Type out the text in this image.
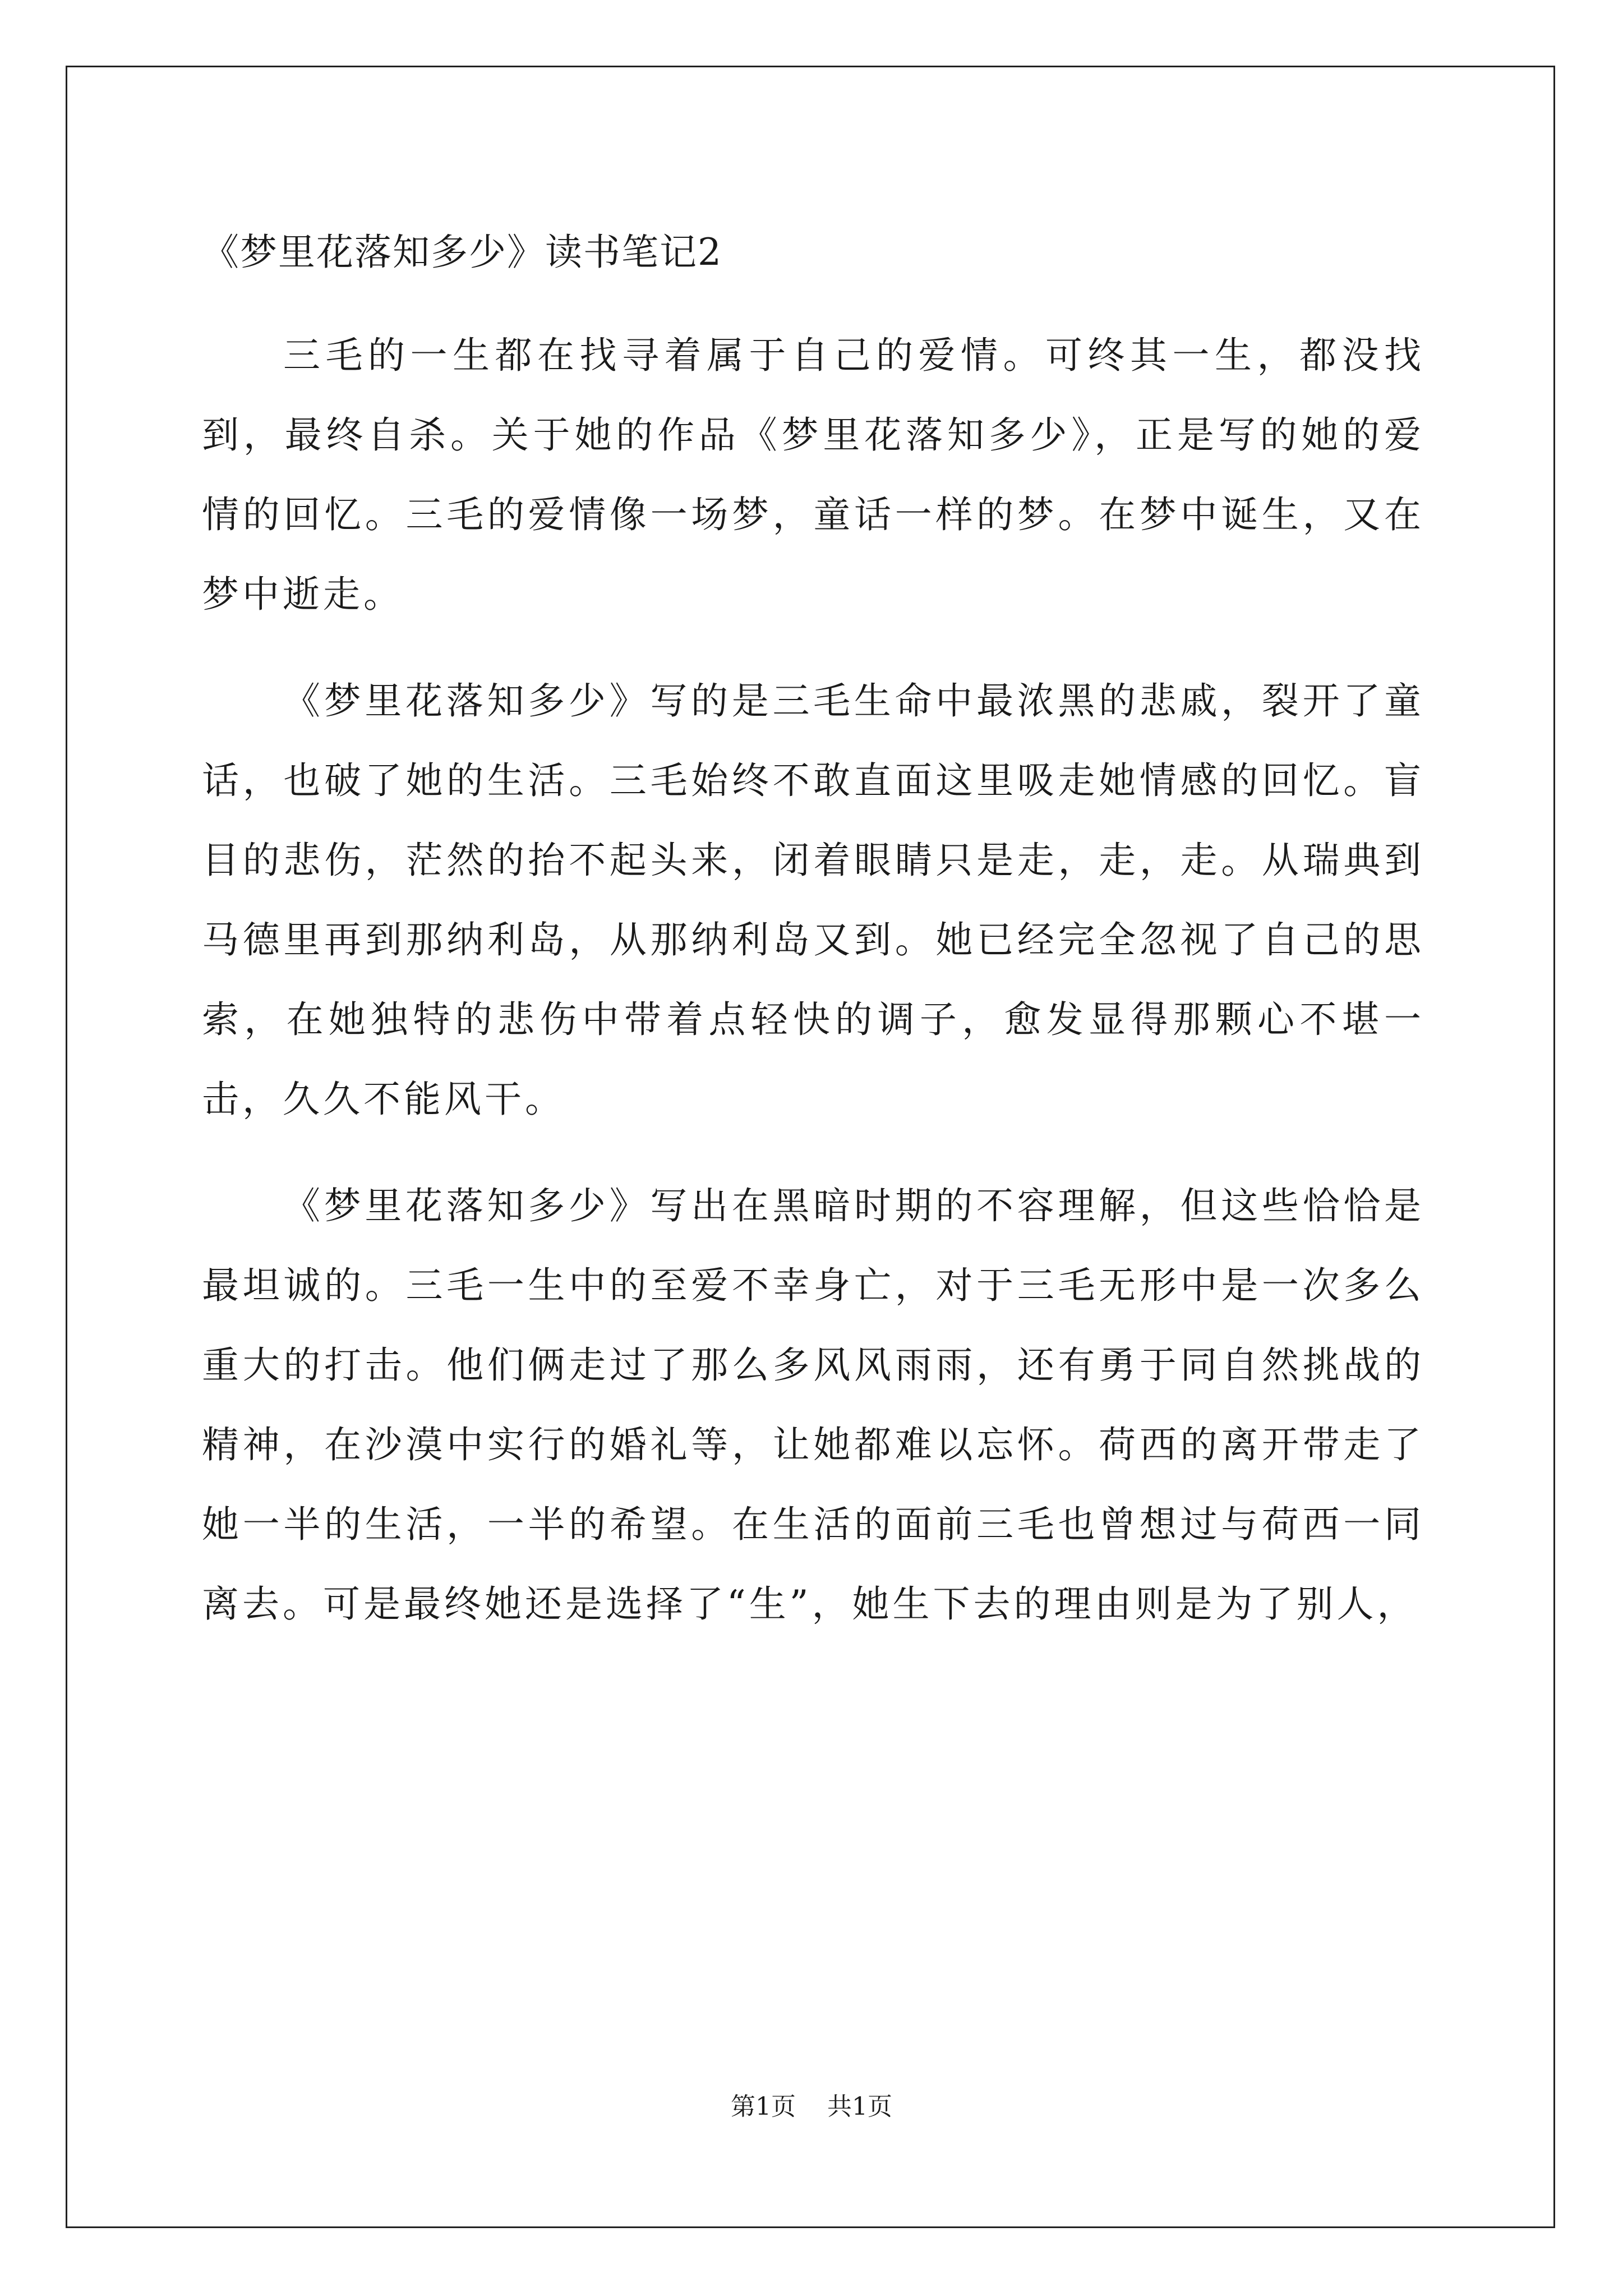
《梦里花落知多少》读书笔记2

三毛的一生都在找寻着属于自己的爱情。可终其一生，都没找到，最终自杀。关于她的作品《梦里花落知多少》，正是写的她的爱情的回忆。三毛的爱情像一场梦，童话一样的梦。在梦中诞生，又在梦中逝走。

《梦里花落知多少》写的是三毛生命中最浓黑的悲戚，裂开了童话，也破了她的生活。三毛始终不敢直面这里吸走她情感的回忆。盲目的悲伤，茫然的抬不起头来，闭着眼睛只是走，走，走。从瑞典到马德里再到那纳利岛，从那纳利岛又到。她已经完全忽视了自己的思索，在她独特的悲伤中带着点轻快的调子，愈发显得那颗心不堪一击，久久不能风干。

《梦里花落知多少》写出在黑暗时期的不容理解，但这些恰恰是最坦诚的。三毛一生中的至爱不幸身亡，对于三毛无形中是一次多么重大的打击。他们俩走过了那么多风风雨雨，还有勇于同自然挑战的精神，在沙漠中实行的婚礼等，让她都难以忘怀。荷西的离开带走了她一半的生活，一半的希望。在生活的面前三毛也曾想过与荷西一同离去。可是最终她还是选择了“生”，她生下去的理由则是为了别人，

第1页 共1页
